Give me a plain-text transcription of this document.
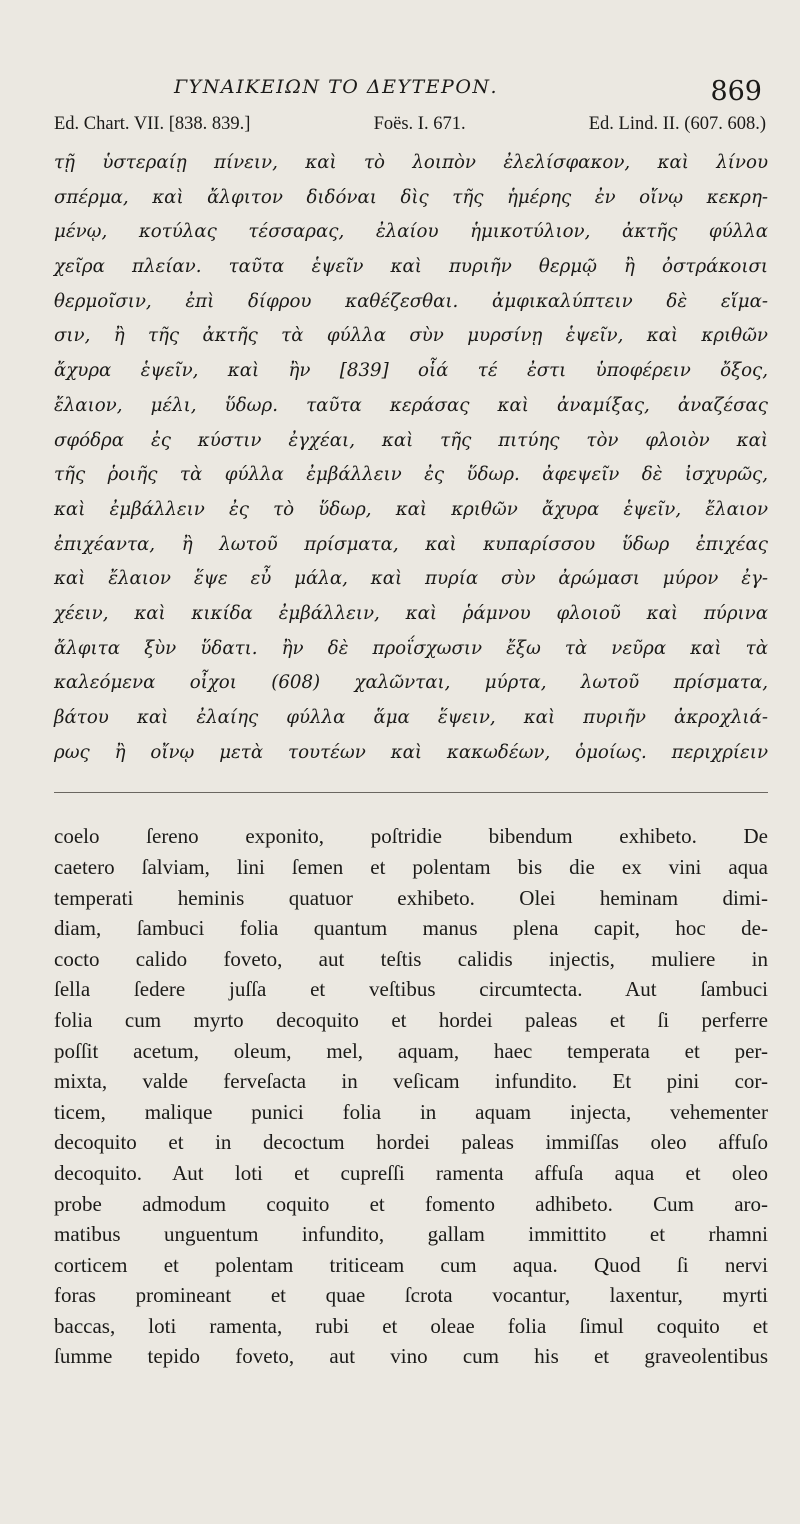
ΓΥΝΑΙΚΕΙΩΝ ΤΟ ΔΕΥΤΕΡΟΝ.	869
Ed. Chart. VII. [838. 839.]	Foës. I. 671.	Ed. Lind. II. (607. 608.)
τῇ ὑστεραίῃ πίνειν, καὶ τὸ λοιπὸν ἐλελίσφακον, καὶ λίνου
σπέρμα, καὶ ἄλφιτον διδόναι δὶς τῆς ἡμέρης ἐν οἴνῳ κεκρη-
μένῳ, κοτύλας τέσσαρας, ἐλαίου ἡμικοτύλιον, ἀκτῆς φύλλα
χεῖρα πλείαν. ταῦτα ἑψεῖν καὶ πυριῆν θερμῷ ἢ ὀστράκοισι
θερμοῖσιν, ἐπὶ δίφρου καθέζεσθαι. ἀμφικαλύπτειν δὲ εἵμα-
σιν, ἢ τῆς ἀκτῆς τὰ φύλλα σὺν μυρσίνῃ ἑψεῖν, καὶ κριθῶν
ἄχυρα ἑψεῖν, καὶ ἢν [839] οἷά τέ ἐστι ὑποφέρειν ὄξος,
ἔλαιον, μέλι, ὕδωρ. ταῦτα κεράσας καὶ ἀναμίξας, ἀναζέσας
σφόδρα ἐς κύστιν ἐγχέαι, καὶ τῆς πιτύης τὸν φλοιὸν καὶ
τῆς ῥοιῆς τὰ φύλλα ἐμβάλλειν ἐς ὕδωρ. ἀφεψεῖν δὲ ἰσχυρῶς,
καὶ ἐμβάλλειν ἐς τὸ ὕδωρ, καὶ κριθῶν ἄχυρα ἑψεῖν, ἔλαιον
ἐπιχέαντα, ἢ λωτοῦ πρίσματα, καὶ κυπαρίσσου ὕδωρ ἐπιχέας
καὶ ἔλαιον ἕψε εὖ μάλα, καὶ πυρία σὺν ἀρώμασι μύρον ἐγ-
χέειν, καὶ κικίδα ἐμβάλλειν, καὶ ῥάμνου φλοιοῦ καὶ πύρινα
ἄλφιτα ξὺν ὕδατι. ἢν δὲ προΐσχωσιν ἔξω τὰ νεῦρα καὶ τὰ
καλεόμενα οἶχοι (608) χαλῶνται, μύρτα, λωτοῦ πρίσματα,
βάτου καὶ ἐλαίης φύλλα ἅμα ἕψειν, καὶ πυριῆν ἀκροχλιά-
ρως ἢ οἴνῳ μετὰ τουτέων καὶ κακωδέων, ὁμοίως. περιχρίειν
coelo ſereno exponito, poſtridie bibendum exhibeto. De
caetero ſalviam, lini ſemen et polentam bis die ex vini aqua
temperati heminis quatuor exhibeto. Olei heminam dimi-
diam, ſambuci folia quantum manus plena capit, hoc de-
cocto calido foveto, aut teſtis calidis injectis, muliere in
ſella ſedere juſſa et veſtibus circumtecta. Aut ſambuci
folia cum myrto decoquito et hordei paleas et ſi perferre
poſſit acetum, oleum, mel, aquam, haec temperata et per-
mixta, valde ferveſacta in veſicam infundito. Et pini cor-
ticem, malique punici folia in aquam injecta, vehementer
decoquito et in decoctum hordei paleas immiſſas oleo affuſo
decoquito. Aut loti et cupreſſi ramenta affuſa aqua et oleo
probe admodum coquito et fomento adhibeto. Cum aro-
matibus unguentum infundito, gallam immittito et rhamni
corticem et polentam triticeam cum aqua. Quod ſi nervi
foras promineant et quae ſcrota vocantur, laxentur, myrti
baccas, loti ramenta, rubi et oleae folia ſimul coquito et
ſumme tepido foveto, aut vino cum his et graveolentibus
